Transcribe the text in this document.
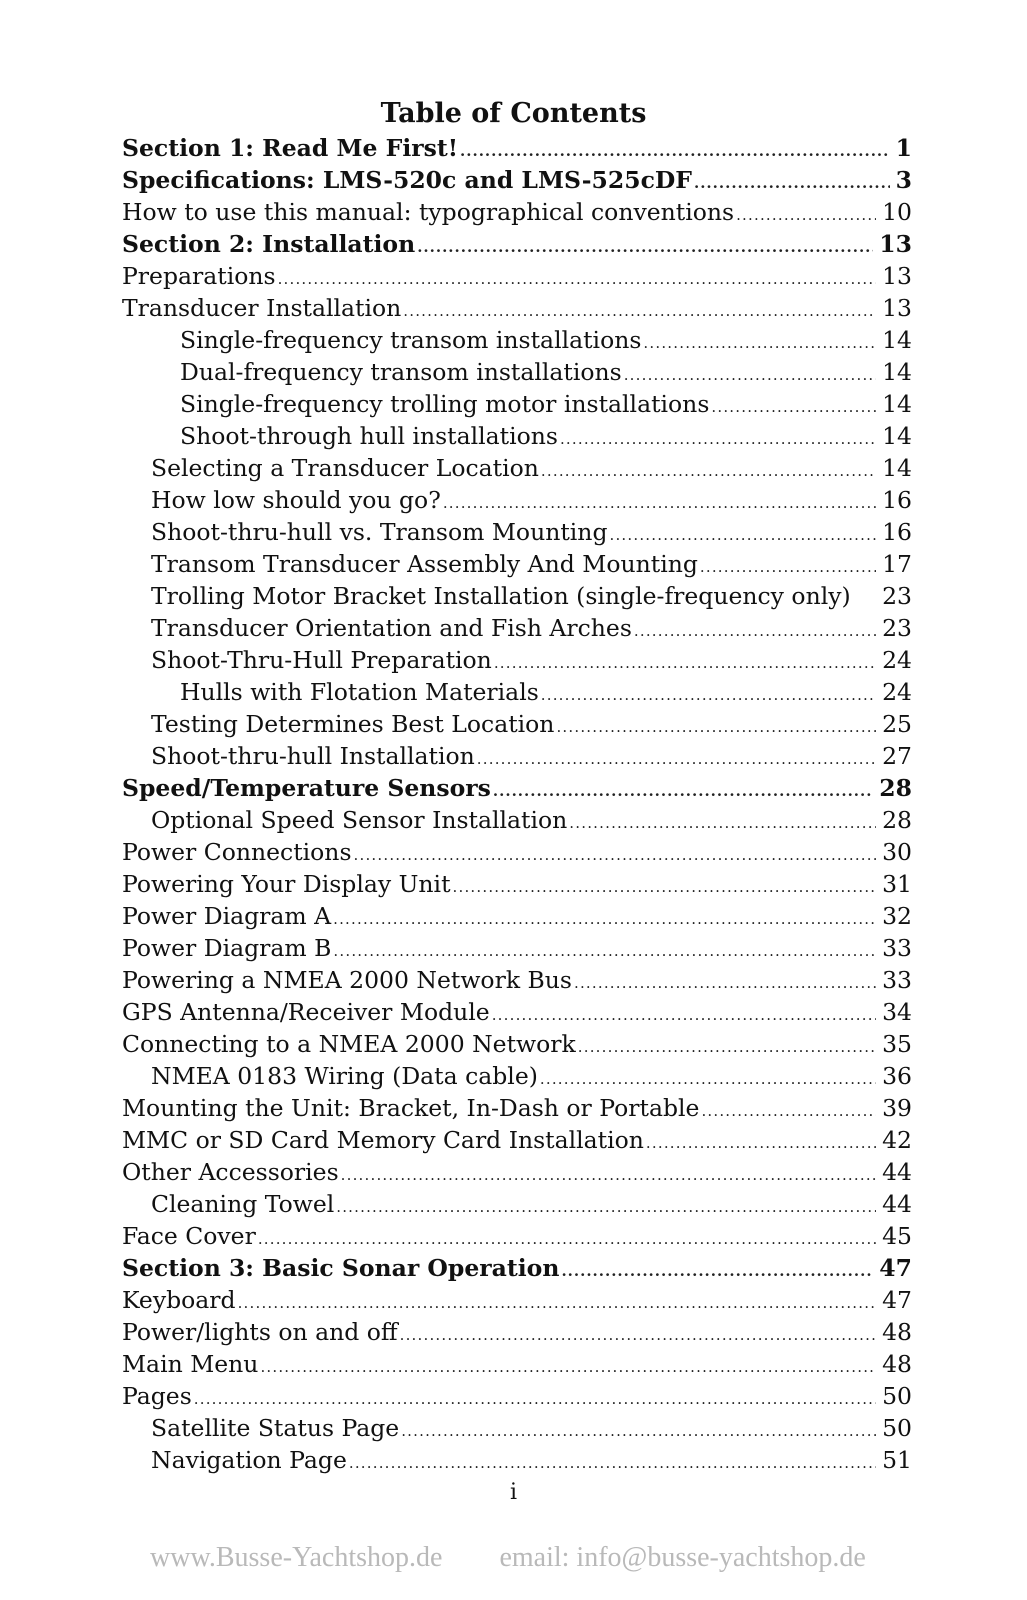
Table of Contents
Section 1: Read Me First! .....	1
Specifications: LMS-520c and LMS-525cDF .....	3
How to use this manual: typographical conventions .....	10
Section 2: Installation .....	13
Preparations .....	13
Transducer Installation .....	13
Single-frequency transom installations .....	14
Dual-frequency transom installations .....	14
Single-frequency trolling motor installations .....	14
Shoot-through hull installations .....	14
Selecting a Transducer Location .....	14
How low should you go? .....	16
Shoot-thru-hull vs. Transom Mounting .....	16
Transom Transducer Assembly And Mounting .....	17
Trolling Motor Bracket Installation (single-frequency only) 23
Transducer Orientation and Fish Arches .....	23
Shoot-Thru-Hull Preparation .....	24
Hulls with Flotation Materials .....	24
Testing Determines Best Location .....	25
Shoot-thru-hull Installation .....	27
Speed/Temperature Sensors .....	28
Optional Speed Sensor Installation .....	28
Power Connections .....	30
Powering Your Display Unit .....	31
Power Diagram A .....	32
Power Diagram B .....	33
Powering a NMEA 2000 Network Bus .....	33
GPS Antenna/Receiver Module .....	34
Connecting to a NMEA 2000 Network .....	35
NMEA 0183 Wiring (Data cable) .....	36
Mounting the Unit: Bracket, In-Dash or Portable .....	39
MMC or SD Card Memory Card Installation .....	42
Other Accessories .....	44
Cleaning Towel .....	44
Face Cover .....	45
Section 3: Basic Sonar Operation .....	47
Keyboard .....	47
Power/lights on and off .....	48
Main Menu .....	48
Pages .....	50
Satellite Status Page .....	50
Navigation Page .....	51
i
www.Busse-Yachtshop.de email: info@busse-yachtshop.de
